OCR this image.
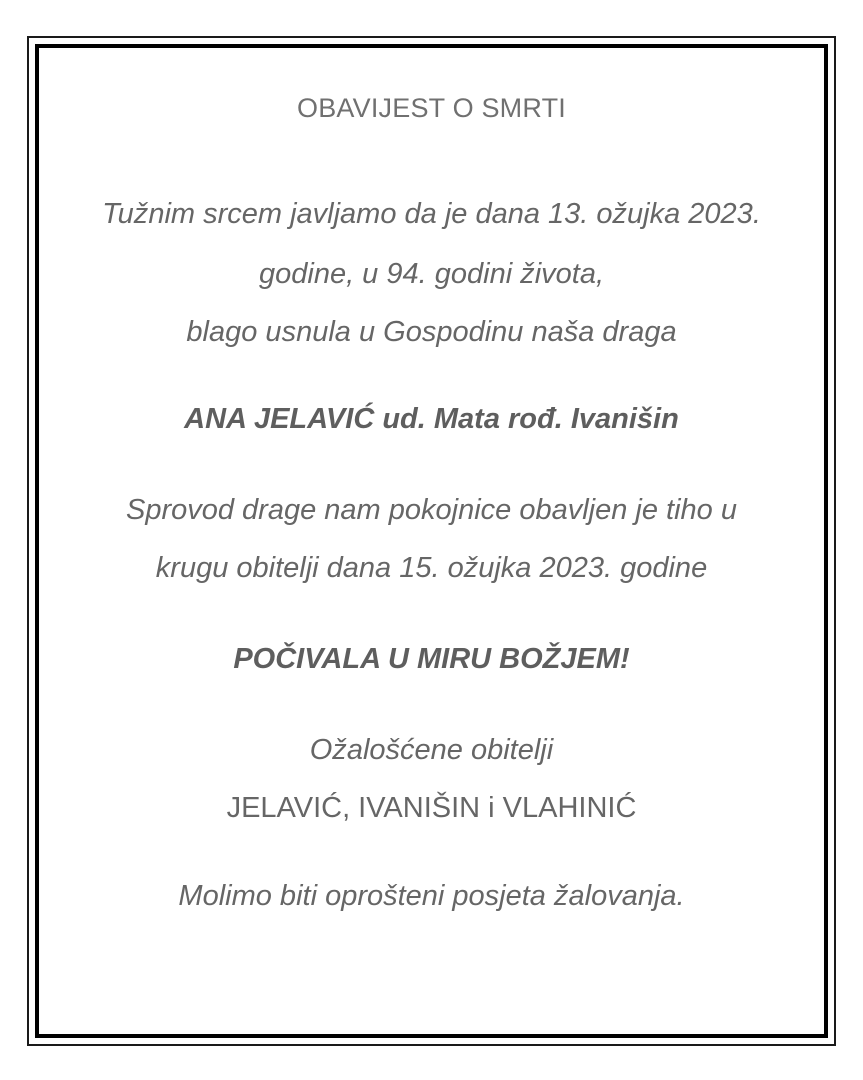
OBAVIJEST O SMRTI
Tužnim srcem javljamo da je dana 13. ožujka 2023.
godine, u 94. godini života,
blago usnula u Gospodinu naša draga
ANA JELAVIĆ ud. Mata rođ. Ivanišin
Sprovod drage nam pokojnice obavljen je tiho u
krugu obitelji dana 15. ožujka 2023. godine
POČIVALA U MIRU BOŽJEM!
Ožalošćene obitelji
JELAVIĆ, IVANIŠIN i VLAHINIĆ
Molimo biti oprošteni posjeta žalovanja.
